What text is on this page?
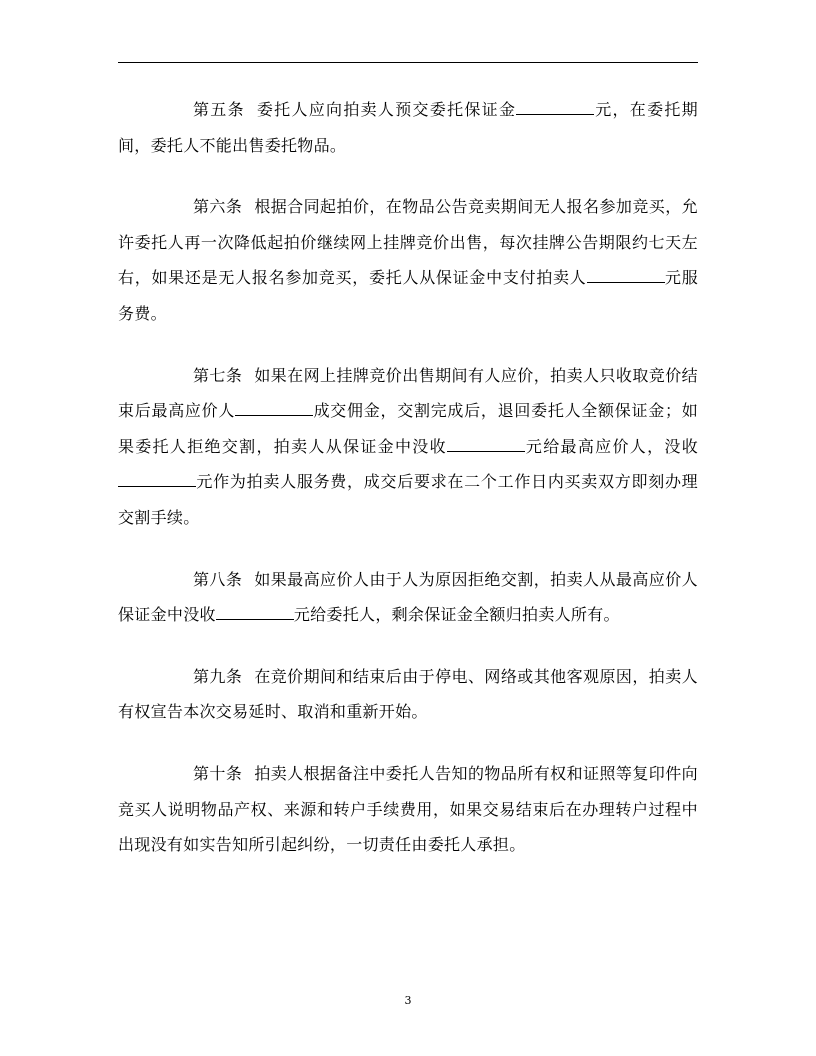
第五条 委托人应向拍卖人预交委托保证金	元，在委托期间，委托人不能出售委托物品。

第六条 根据合同起拍价，在物品公告竞卖期间无人报名参加竞买，允许委托人再一次降低起拍价继续网上挂牌竞价出售，每次挂牌公告期限约七天左右，如果还是无人报名参加竞买，委托人从保证金中支付拍卖人	元服务费。

第七条 如果在网上挂牌竞价出售期间有人应价，拍卖人只收取竞价结束后最高应价人	成交佣金，交割完成后，退回委托人全额保证金；如果委托人拒绝交割，拍卖人从保证金中没收	元给最高应价人，没收元作为拍卖人服务费，成交后要求在二个工作日内买卖双方即刻办理交割手续。

第八条 如果最高应价人由于人为原因拒绝交割，拍卖人从最高应价人保证金中没收	元给委托人，剩余保证金全额归拍卖人所有。

第九条 在竞价期间和结束后由于停电、网络或其他客观原因，拍卖人有权宣告本次交易延时、取消和重新开始。

第十条 拍卖人根据备注中委托人告知的物品所有权和证照等复印件向竞买人说明物品产权、来源和转户手续费用，如果交易结束后在办理转户过程中出现没有如实告知所引起纠纷，一切责任由委托人承担。

3
